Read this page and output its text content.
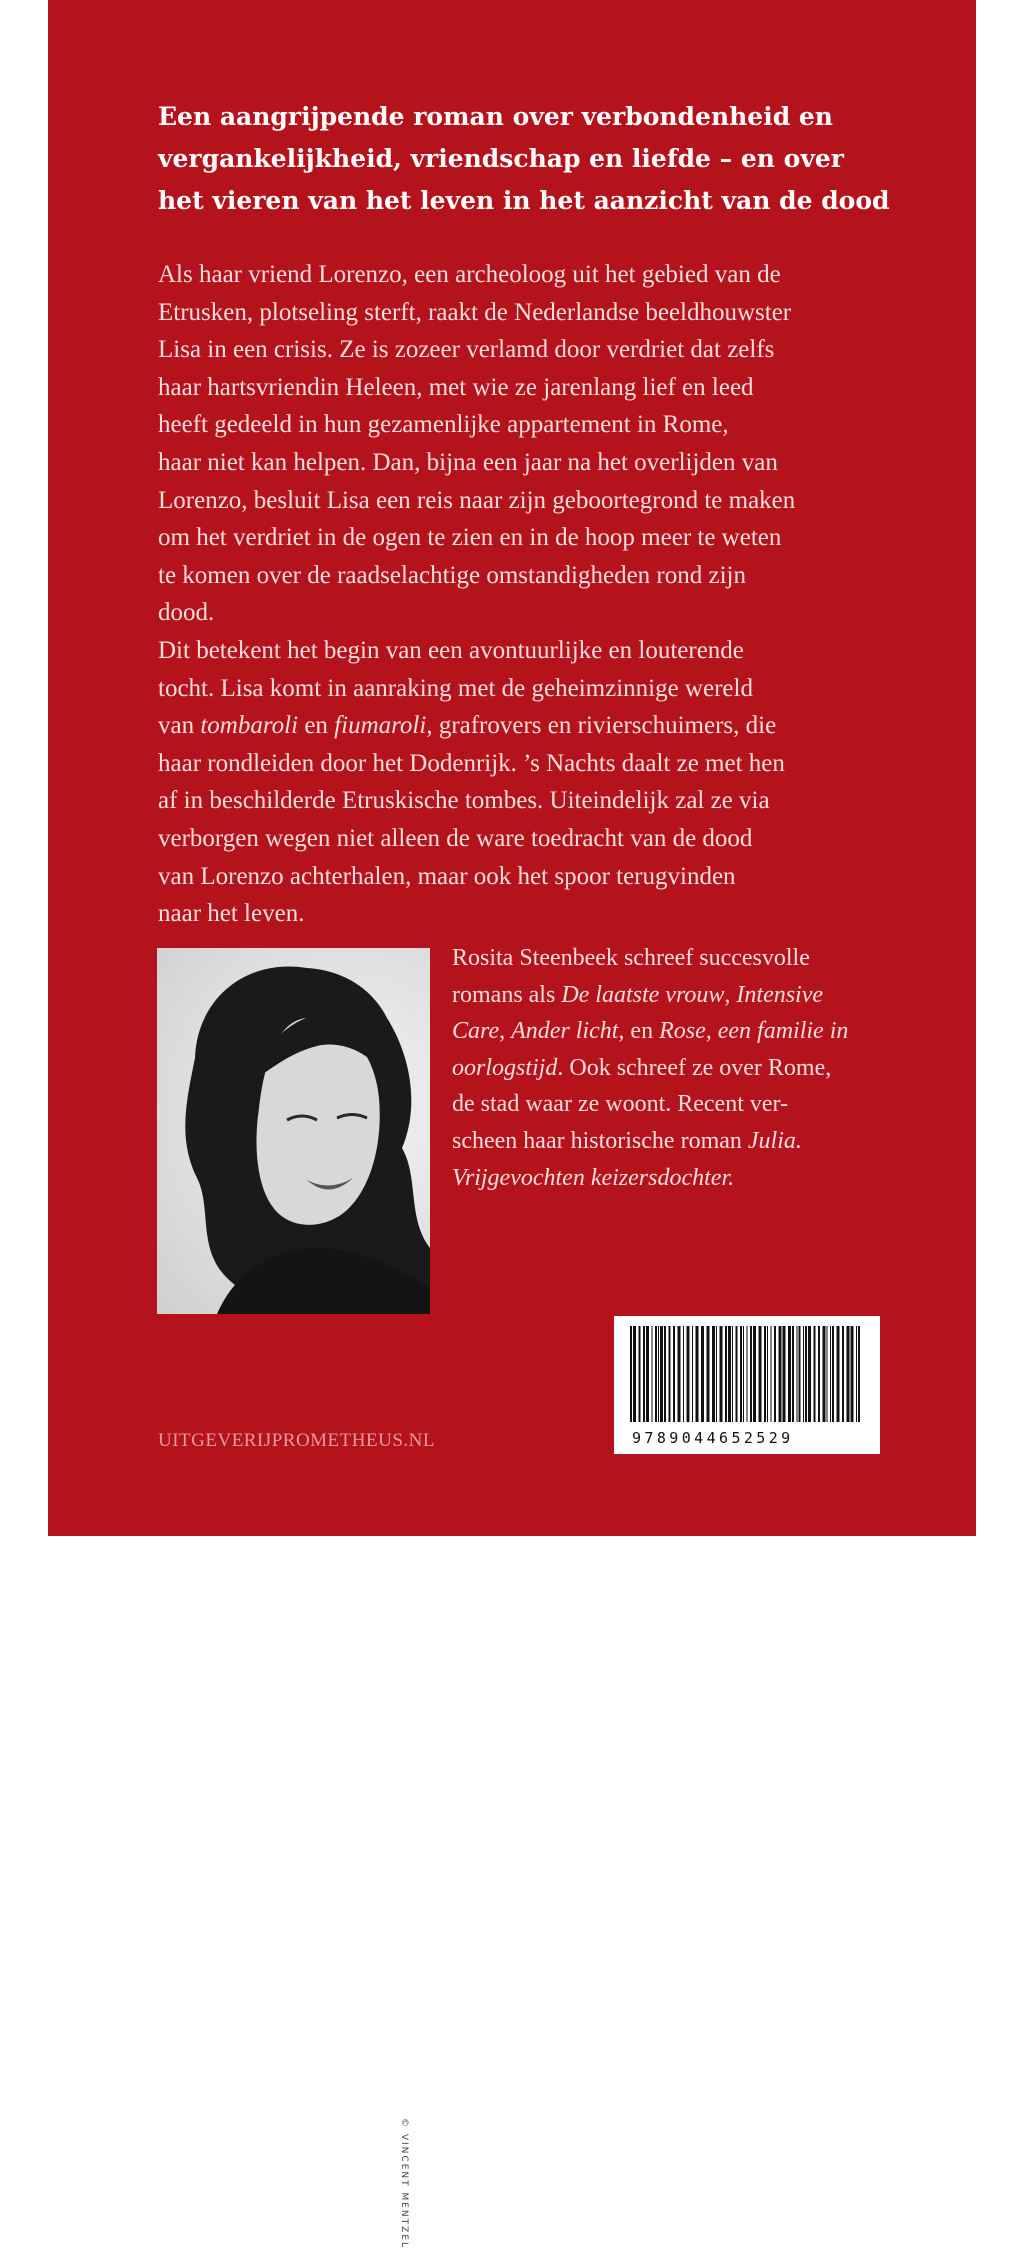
Een aangrijpende roman over verbondenheid en
vergankelijkheid, vriendschap en liefde – en over
het vieren van het leven in het aanzicht van de dood
Als haar vriend Lorenzo, een archeoloog uit het gebied van de
Etrusken, plotseling sterft, raakt de Nederlandse beeldhouwster
Lisa in een crisis. Ze is zozeer verlamd door verdriet dat zelfs
haar hartsvriendin Heleen, met wie ze jarenlang lief en leed
heeft gedeeld in hun gezamenlijke appartement in Rome,
haar niet kan helpen. Dan, bijna een jaar na het overlijden van
Lorenzo, besluit Lisa een reis naar zijn geboortegrond te maken
om het verdriet in de ogen te zien en in de hoop meer te weten
te komen over de raadselachtige omstandigheden rond zijn
dood.
Dit betekent het begin van een avontuurlijke en louterende
tocht. Lisa komt in aanraking met de geheimzinnige wereld
van tombaroli en fiumaroli, grafrovers en rivierschuimers, die
haar rondleiden door het Dodenrijk. ’s Nachts daalt ze met hen
af in beschilderde Etruskische tombes. Uiteindelijk zal ze via
verborgen wegen niet alleen de ware toedracht van de dood
van Lorenzo achterhalen, maar ook het spoor terugvinden
naar het leven.
© VINCENT MENTZEL
Rosita Steenbeek schreef succesvolle
romans als De laatste vrouw, Intensive
Care, Ander licht, en Rose, een familie in
oorlogstijd. Ook schreef ze over Rome,
de stad waar ze woont. Recent ver-
scheen haar historische roman Julia.
Vrijgevochten keizersdochter.
UITGEVERIJPROMETHEUS.NL	9789044652529
